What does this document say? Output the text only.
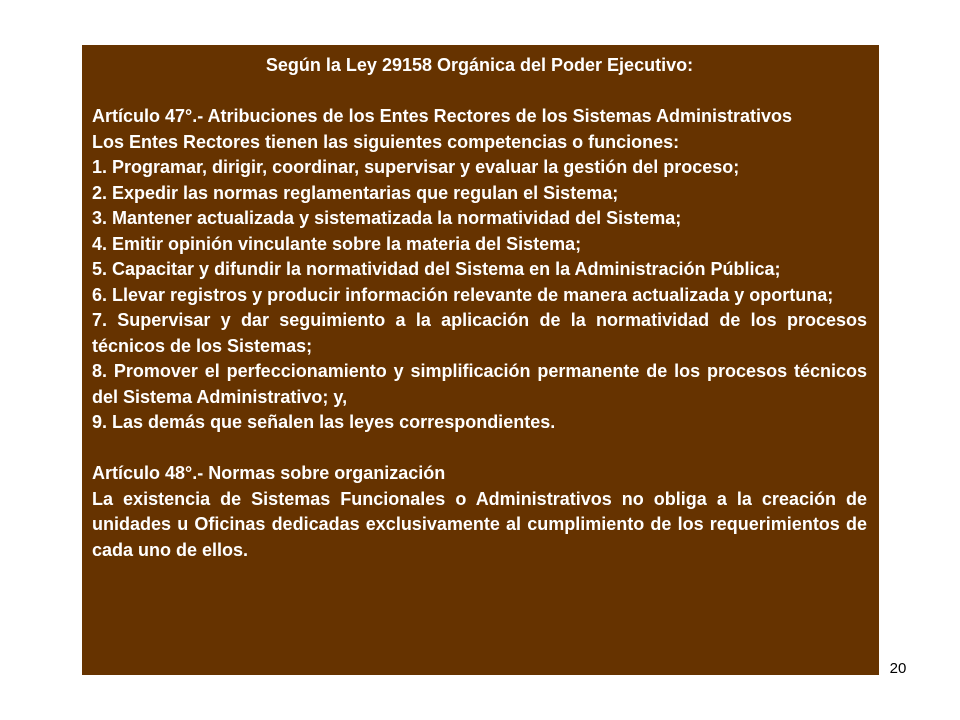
Según la Ley 29158 Orgánica del Poder Ejecutivo:

Artículo 47°.- Atribuciones de los Entes Rectores de los Sistemas Administrativos

Los Entes Rectores tienen las siguientes competencias o funciones:

1. Programar, dirigir, coordinar, supervisar y evaluar la gestión del proceso;

2. Expedir las normas reglamentarias que regulan el Sistema;

3. Mantener actualizada y sistematizada la normatividad del Sistema;

4. Emitir opinión vinculante sobre la materia del Sistema;

5. Capacitar y difundir la normatividad del Sistema en la Administración Pública;

6. Llevar registros y producir información relevante de manera actualizada y oportuna;

7. Supervisar y dar seguimiento a la aplicación de la normatividad de los procesos técnicos de los Sistemas;

8. Promover el perfeccionamiento y simplificación permanente de los procesos técnicos del Sistema Administrativo; y,

9. Las demás que señalen las leyes correspondientes.

Artículo 48°.- Normas sobre organización

La existencia de Sistemas Funcionales o Administrativos no obliga a la creación de unidades u Oficinas dedicadas exclusivamente al cumplimiento de los requerimientos de cada uno de ellos.

20
